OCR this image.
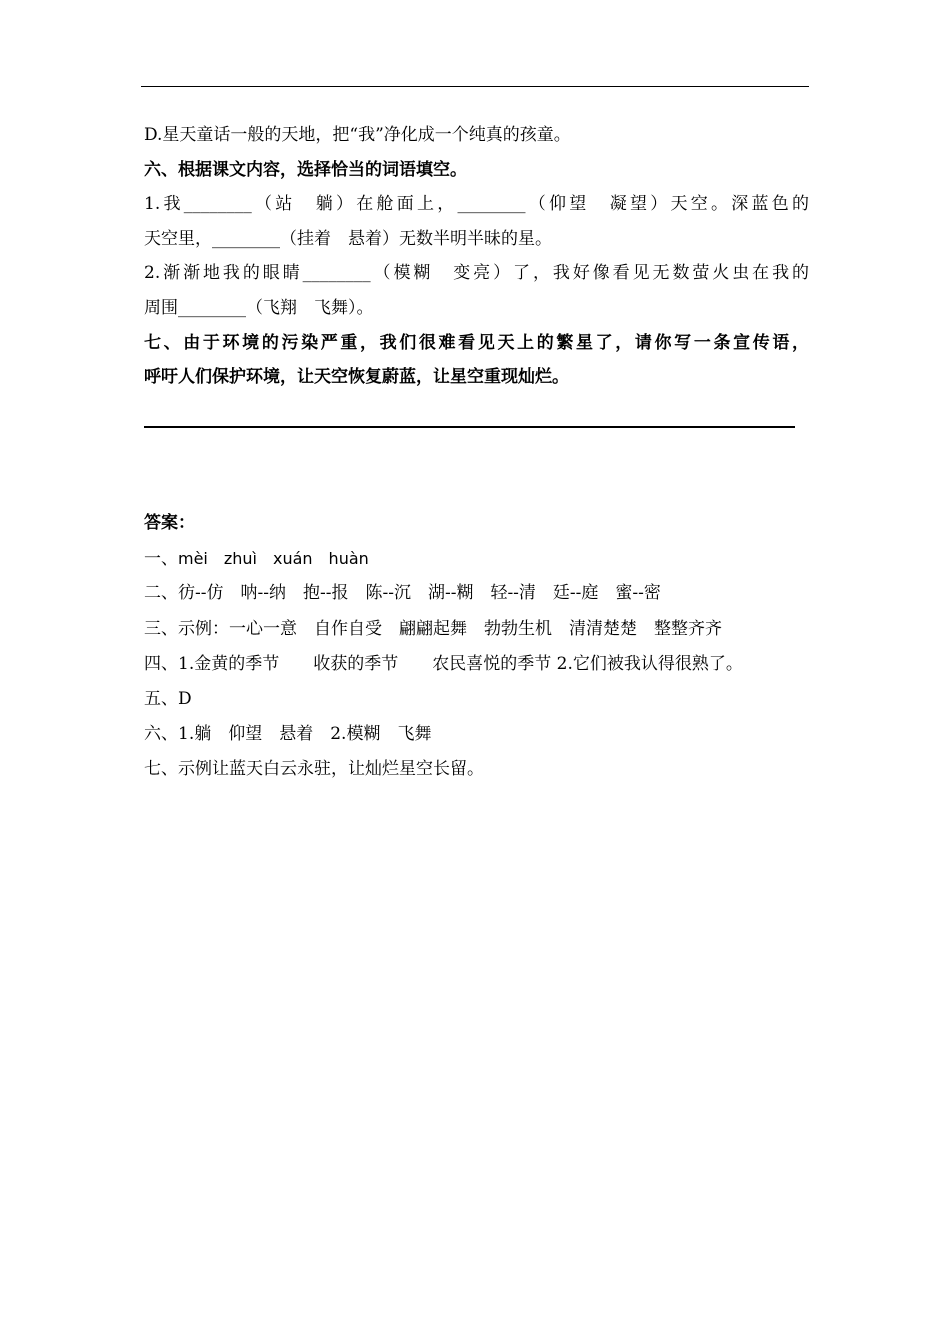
D.星天童话一般的天地，把“我”净化成一个纯真的孩童。
六、根据课文内容，选择恰当的词语填空。
1.我________（站　躺）在舱面上，________（仰望　凝望）天空。深蓝色的
天空里，________（挂着　悬着）无数半明半昧的星。
2.渐渐地我的眼睛________（模糊　变亮）了，我好像看见无数萤火虫在我的
周围________（飞翔　飞舞）。
七、由于环境的污染严重，我们很难看见天上的繁星了，请你写一条宣传语，
呼吁人们保护环境，让天空恢复蔚蓝，让星空重现灿烂。
答案：
一、mèi　zhuì　xuán　huàn
二、彷--仿　呐--纳　抱--报　陈--沉　湖--糊　轻--清　廷--庭　蜜--密
三、示例：一心一意　自作自受　翩翩起舞　勃勃生机　清清楚楚　整整齐齐
四、1.金黄的季节　　收获的季节　　农民喜悦的季节 2.它们被我认得很熟了。
五、D
六、1.躺　仰望　悬着　2.模糊　飞舞
七、示例让蓝天白云永驻，让灿烂星空长留。
